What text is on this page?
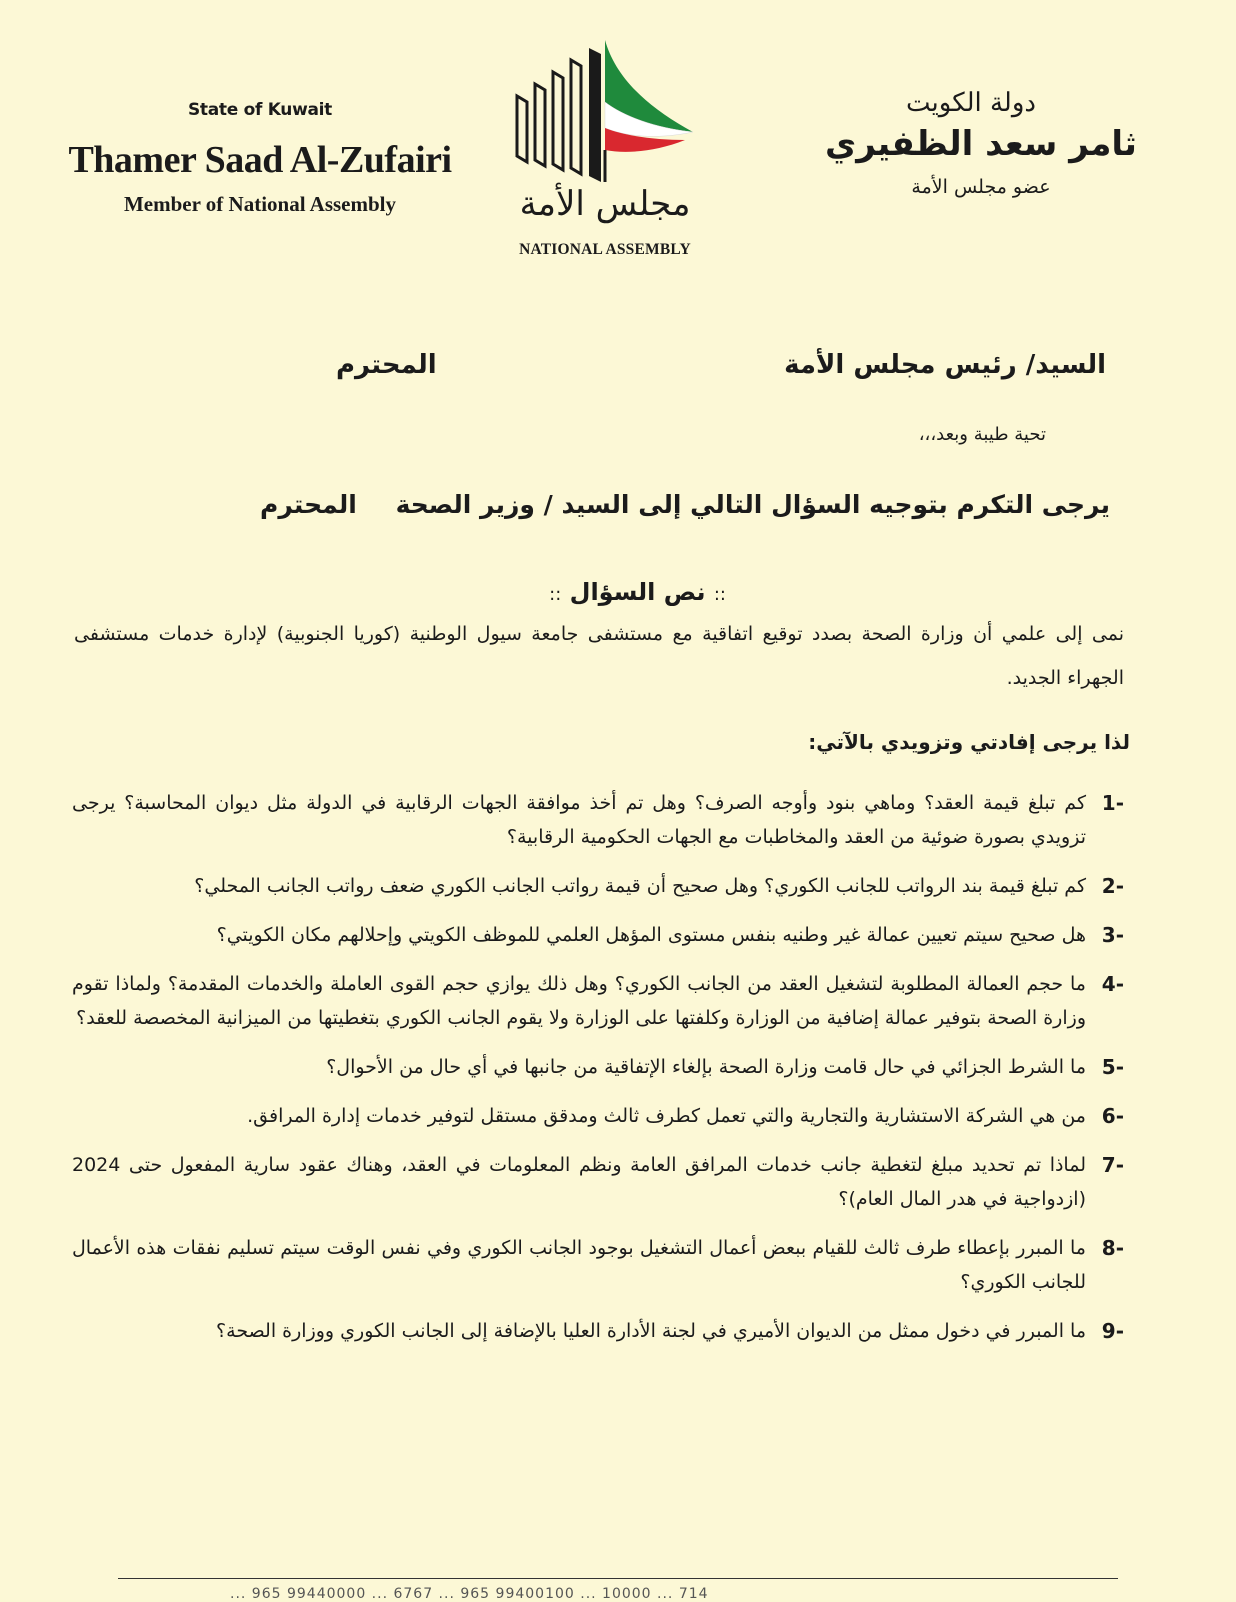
State of Kuwait
Thamer Saad Al-Zufairi
Member of National Assembly	مجلس الأمة
NATIONAL ASSEMBLY
دولة الكويت
ثامر سعد الظفيري
عضو مجلس الأمة
السيد/ رئيس مجلس الأمة
المحترم
تحية طيبة وبعد،،،
يرجى التكرم بتوجيه السؤال التالي إلى السيد / وزير الصحة
المحترم
:: نص السؤال ::
نمى إلى علمي أن وزارة الصحة بصدد توقيع اتفاقية مع مستشفى جامعة سيول الوطنية (كوريا الجنوبية) لإدارة خدمات مستشفى الجهراء الجديد.
لذا يرجى إفادتي وتزويدي بالآتي:
1-
كم تبلغ قيمة العقد؟ وماهي بنود وأوجه الصرف؟ وهل تم أخذ موافقة الجهات الرقابية في الدولة مثل ديوان المحاسبة؟ يرجى تزويدي بصورة ضوئية من العقد والمخاطبات مع الجهات الحكومية الرقابية؟
2-
كم تبلغ قيمة بند الرواتب للجانب الكوري؟ وهل صحيح أن قيمة رواتب الجانب الكوري ضعف رواتب الجانب المحلي؟
3-
هل صحيح سيتم تعيين عمالة غير وطنيه بنفس مستوى المؤهل العلمي للموظف الكويتي وإحلالهم مكان الكويتي؟
4-
ما حجم العمالة المطلوبة لتشغيل العقد من الجانب الكوري؟ وهل ذلك يوازي حجم القوى العاملة والخدمات المقدمة؟ ولماذا تقوم وزارة الصحة بتوفير عمالة إضافية من الوزارة وكلفتها على الوزارة ولا يقوم الجانب الكوري بتغطيتها من الميزانية المخصصة للعقد؟
5-
ما الشرط الجزائي في حال قامت وزارة الصحة بإلغاء الإتفاقية من جانبها في أي حال من الأحوال؟
6-
من هي الشركة الاستشارية والتجارية والتي تعمل كطرف ثالث ومدقق مستقل لتوفير خدمات إدارة المرافق.
7-
لماذا تم تحديد مبلغ لتغطية جانب خدمات المرافق العامة ونظم المعلومات في العقد، وهناك عقود سارية المفعول حتى 2024 (ازدواجية في هدر المال العام)؟
8-
ما المبرر بإعطاء طرف ثالث للقيام ببعض أعمال التشغيل بوجود الجانب الكوري وفي نفس الوقت سيتم تسليم نفقات هذه الأعمال للجانب الكوري؟
9-
ما المبرر في دخول ممثل من الديوان الأميري في لجنة الأدارة العليا بالإضافة إلى الجانب الكوري ووزارة الصحة؟
... 965 99440000 ... 6767 ... 965 99400100 ... 10000 ... 714
